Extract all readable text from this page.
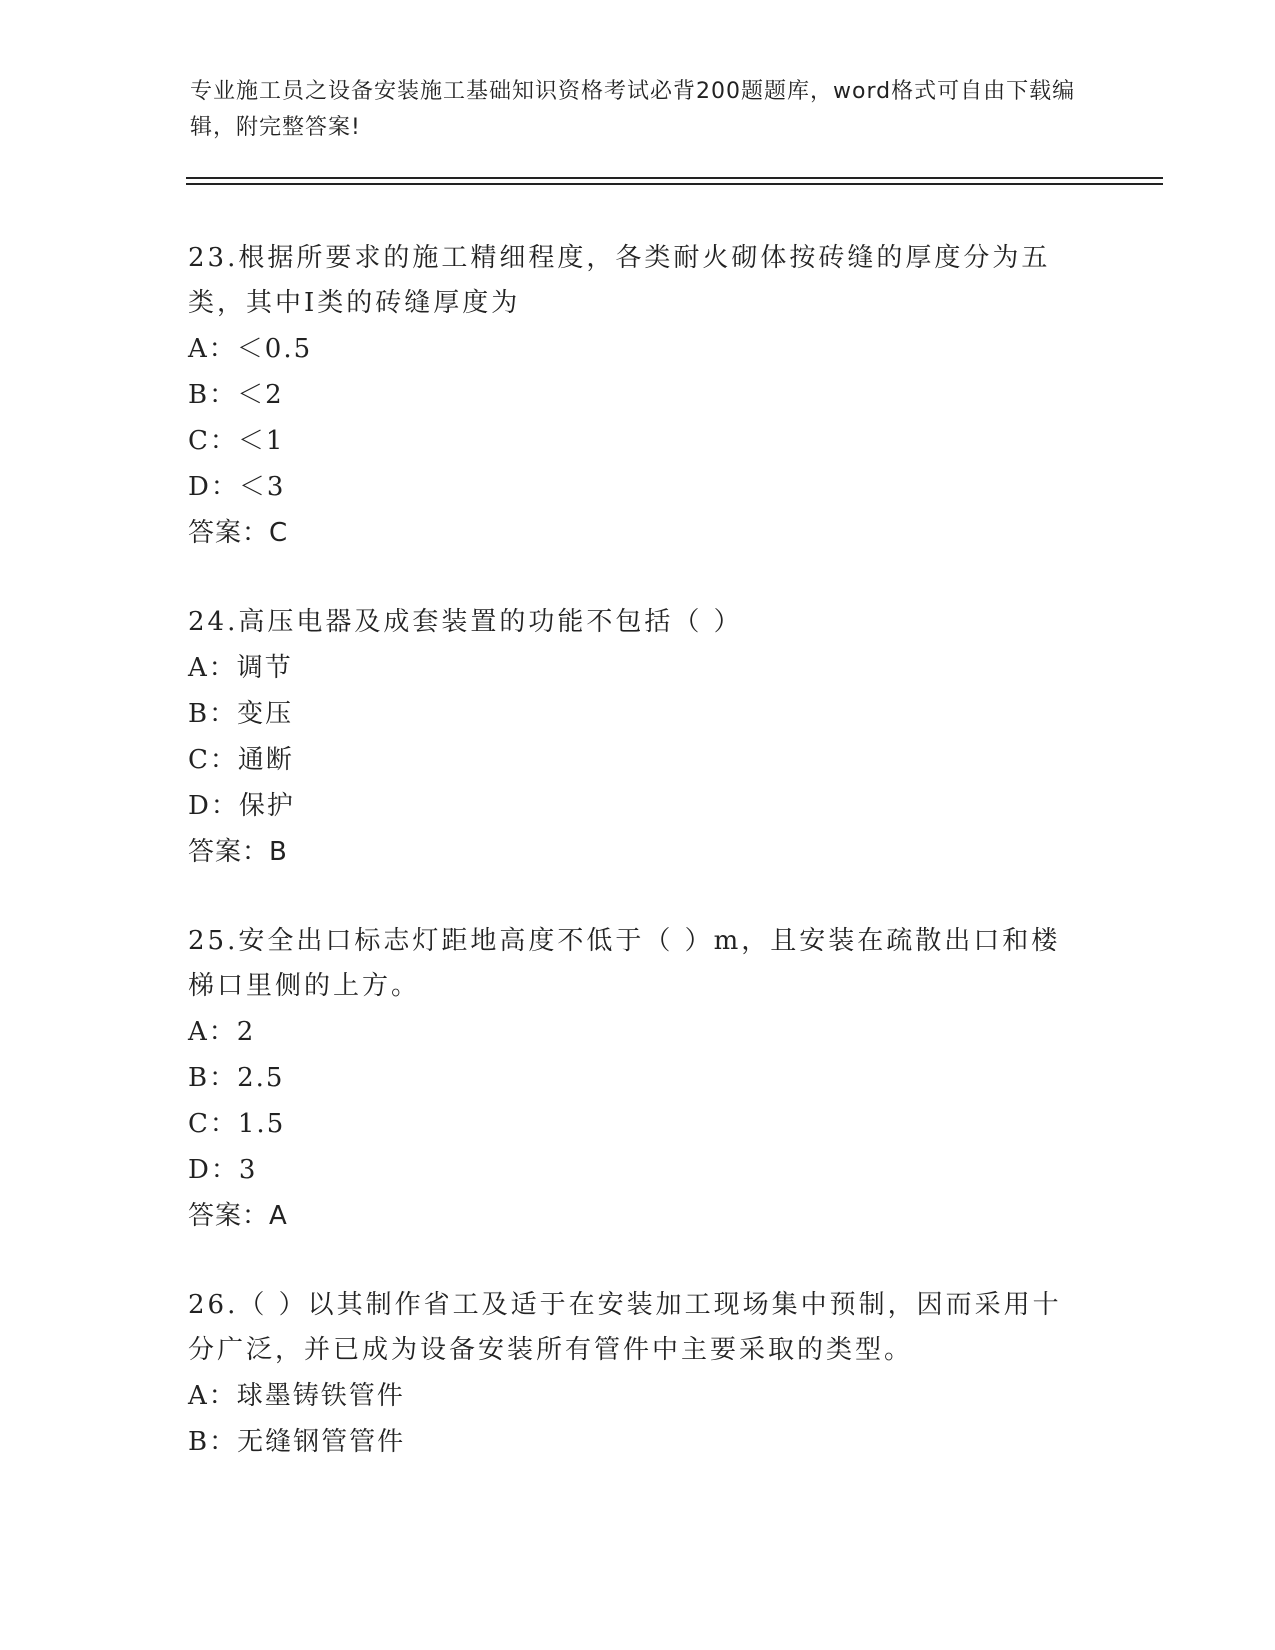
专业施工员之设备安装施工基础知识资格考试必背200题题库，word格式可自由下载编辑，附完整答案!

23.根据所要求的施工精细程度，各类耐火砌体按砖缝的厚度分为五类，其中Ⅰ类的砖缝厚度为

A：＜0.5

B：＜2

C：＜1

D：＜3

答案：C

24.高压电器及成套装置的功能不包括（ ）

A：调节

B：变压

C：通断

D：保护

答案：B

25.安全出口标志灯距地高度不低于（ ）m，且安装在疏散出口和楼梯口里侧的上方。

A：2

B：2.5

C：1.5

D：3

答案：A

26.（ ）以其制作省工及适于在安装加工现场集中预制，因而采用十分广泛，并已成为设备安装所有管件中主要采取的类型。

A：球墨铸铁管件

B：无缝钢管管件
